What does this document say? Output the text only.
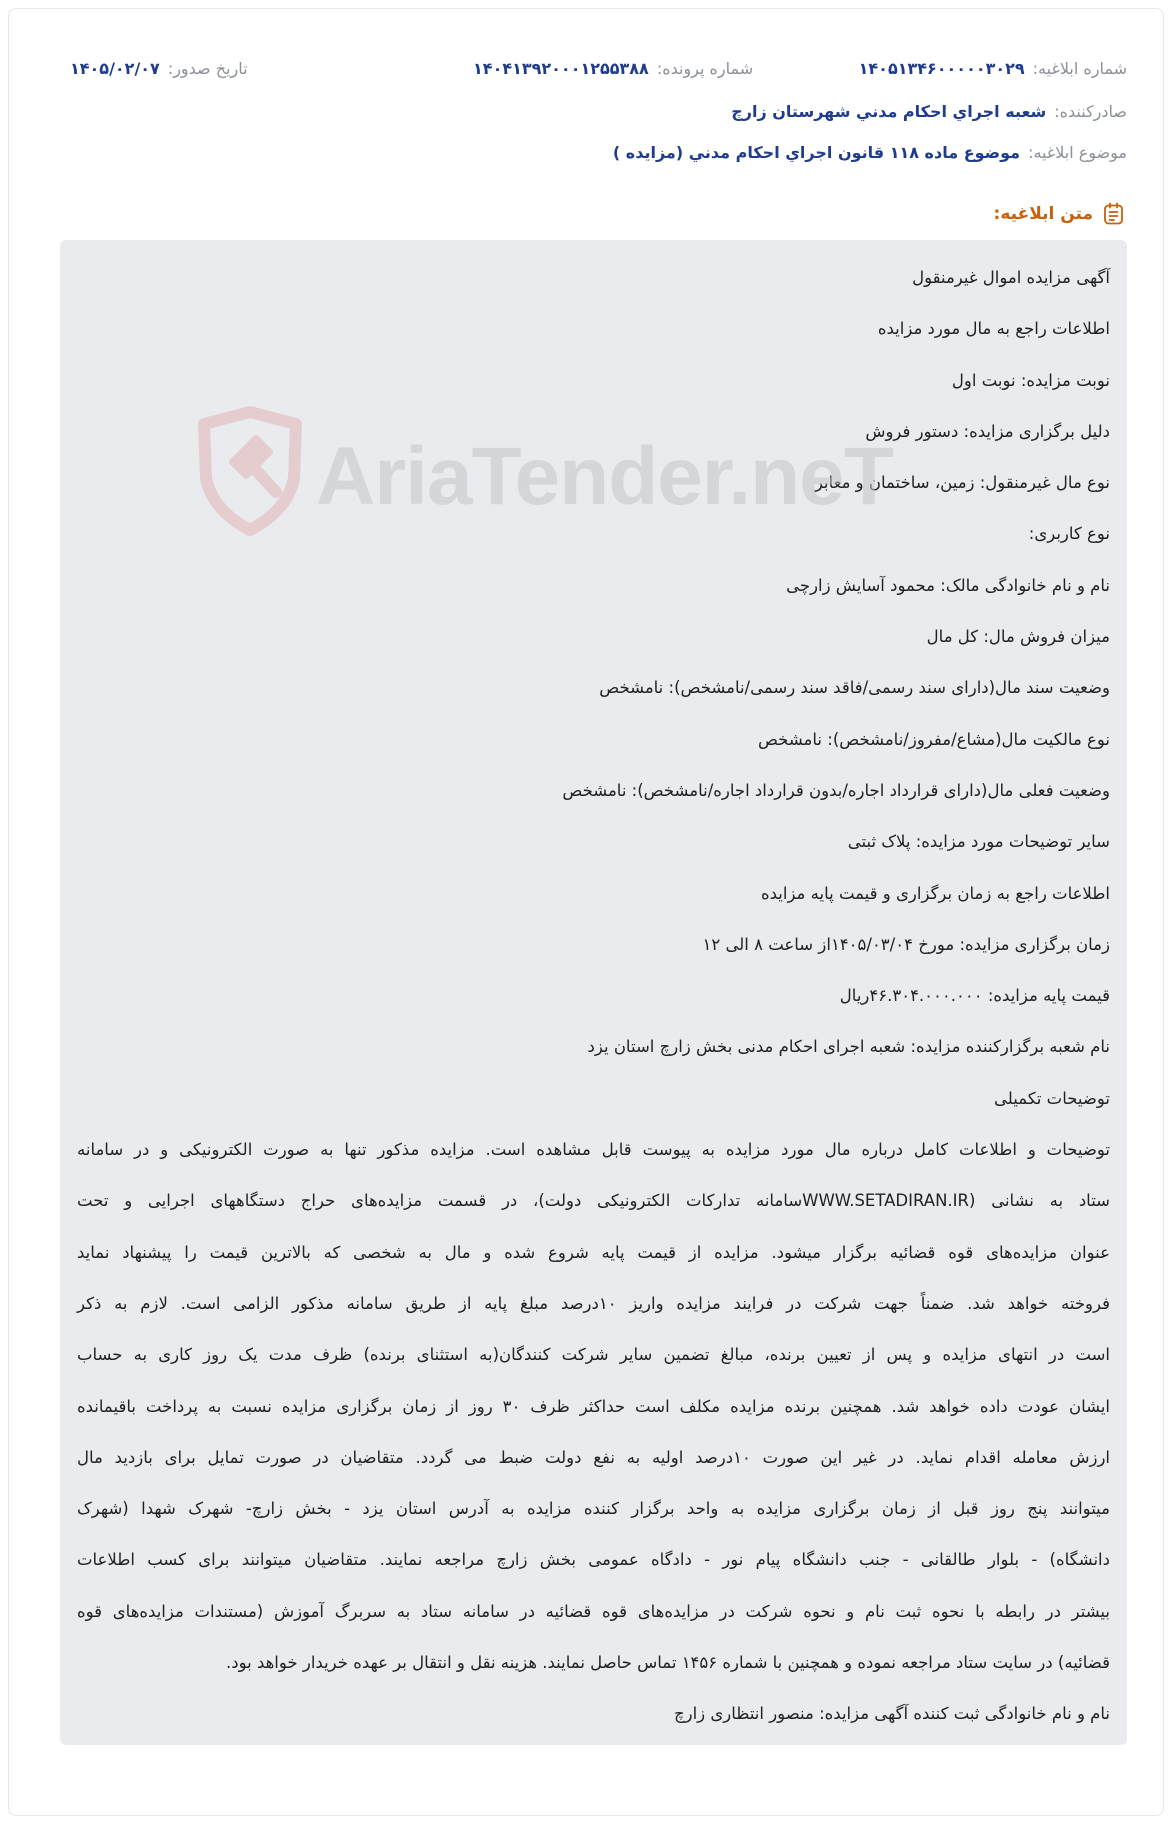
شماره ابلاغیه:
۱۴۰۵۱۳۴۶۰۰۰۰۰۳۰۲۹
شماره پرونده:
۱۴۰۴۱۳۹۲۰۰۰۱۲۵۵۳۸۸
تاریخ صدور:
۱۴۰۵/۰۲/۰۷
صادرکننده:
شعبه اجراي احکام مدني شهرستان زارچ
موضوع ابلاغیه:
موضوع ماده ۱۱۸ قانون اجراي احکام مدني (مزايده )
متن ابلاغیه:
آگهی مزایده اموال غیرمنقول
اطلاعات راجع به مال مورد مزایده
نوبت مزایده: نوبت اول
دلیل برگزاری مزایده: دستور فروش
نوع مال غیرمنقول: زمین، ساختمان و معابر
نوع کاربری:
نام و نام خانوادگی مالک: محمود آسایش زارچی
میزان فروش مال: کل مال
وضعیت سند مال(دارای سند رسمی/فاقد سند رسمی/نامشخص): نامشخص
نوع مالکیت مال(مشاع/مفروز/نامشخص): نامشخص
وضعیت فعلی مال(دارای قرارداد اجاره/بدون قرارداد اجاره/نامشخص): نامشخص
سایر توضیحات مورد مزایده: پلاک ثبتی
اطلاعات راجع به زمان برگزاری و قیمت پایه مزایده
زمان برگزاری مزایده: مورخ ۱۴۰۵/۰۳/۰۴از ساعت ۸ الی ۱۲
قیمت پایه مزایده: ۴۶.۳۰۴.۰۰۰.۰۰۰ریال
نام شعبه برگزارکننده مزایده: شعبه اجرای احکام مدنی بخش زارچ استان یزد
توضیحات تکمیلی
توضیحات و اطلاعات کامل درباره مال مورد مزایده به پیوست قابل مشاهده است. مزایده مذکور تنها به صورت الکترونیکی و در سامانه
ستاد به نشانی (WWW.SETADIRAN.IRسامانه تدارکات الکترونیکی دولت)، در قسمت مزایده‌های حراج دستگاههای اجرایی و تحت
عنوان مزایده‌های قوه قضائیه برگزار میشود. مزایده از قیمت پایه شروع شده و مال به شخصی که بالاترین قیمت را پیشنهاد نماید
فروخته خواهد شد. ضمناً جهت شرکت در فرایند مزایده واریز ۱۰درصد مبلغ پایه از طریق سامانه مذکور الزامی است. لازم به ذکر
است در انتهای مزایده و پس از تعیین برنده، مبالغ تضمین سایر شرکت کنندگان(به استثنای برنده) ظرف مدت یک روز کاری به حساب
ایشان عودت داده خواهد شد. همچنین برنده مزایده مکلف است حداکثر ظرف ۳۰ روز از زمان برگزاری مزایده نسبت به پرداخت باقیمانده
ارزش معامله اقدام نماید. در غیر این صورت ۱۰درصد اولیه به نفع دولت ضبط می گردد. متقاضیان در صورت تمایل برای بازدید مال
میتوانند پنج روز قبل از زمان برگزاری مزایده به واحد برگزار کننده مزایده به آدرس استان یزد - بخش زارچ- شهرک شهدا (شهرک
دانشگاه) - بلوار طالقانی - جنب دانشگاه پیام نور - دادگاه عمومی بخش زارچ مراجعه نمایند. متقاضیان میتوانند برای کسب اطلاعات
بیشتر در رابطه با نحوه ثبت نام و نحوه شرکت در مزایده‌های قوه قضائیه در سامانه ستاد به سربرگ آموزش (مستندات مزایده‌های قوه
قضائیه) در سایت ستاد مراجعه نموده و همچنین با شماره ۱۴۵۶ تماس حاصل نمایند. هزینه نقل و انتقال بر عهده خریدار خواهد بود.
نام و نام خانوادگی ثبت کننده آگهی مزایده: منصور انتظاری زارچ
AriaTender.neT
